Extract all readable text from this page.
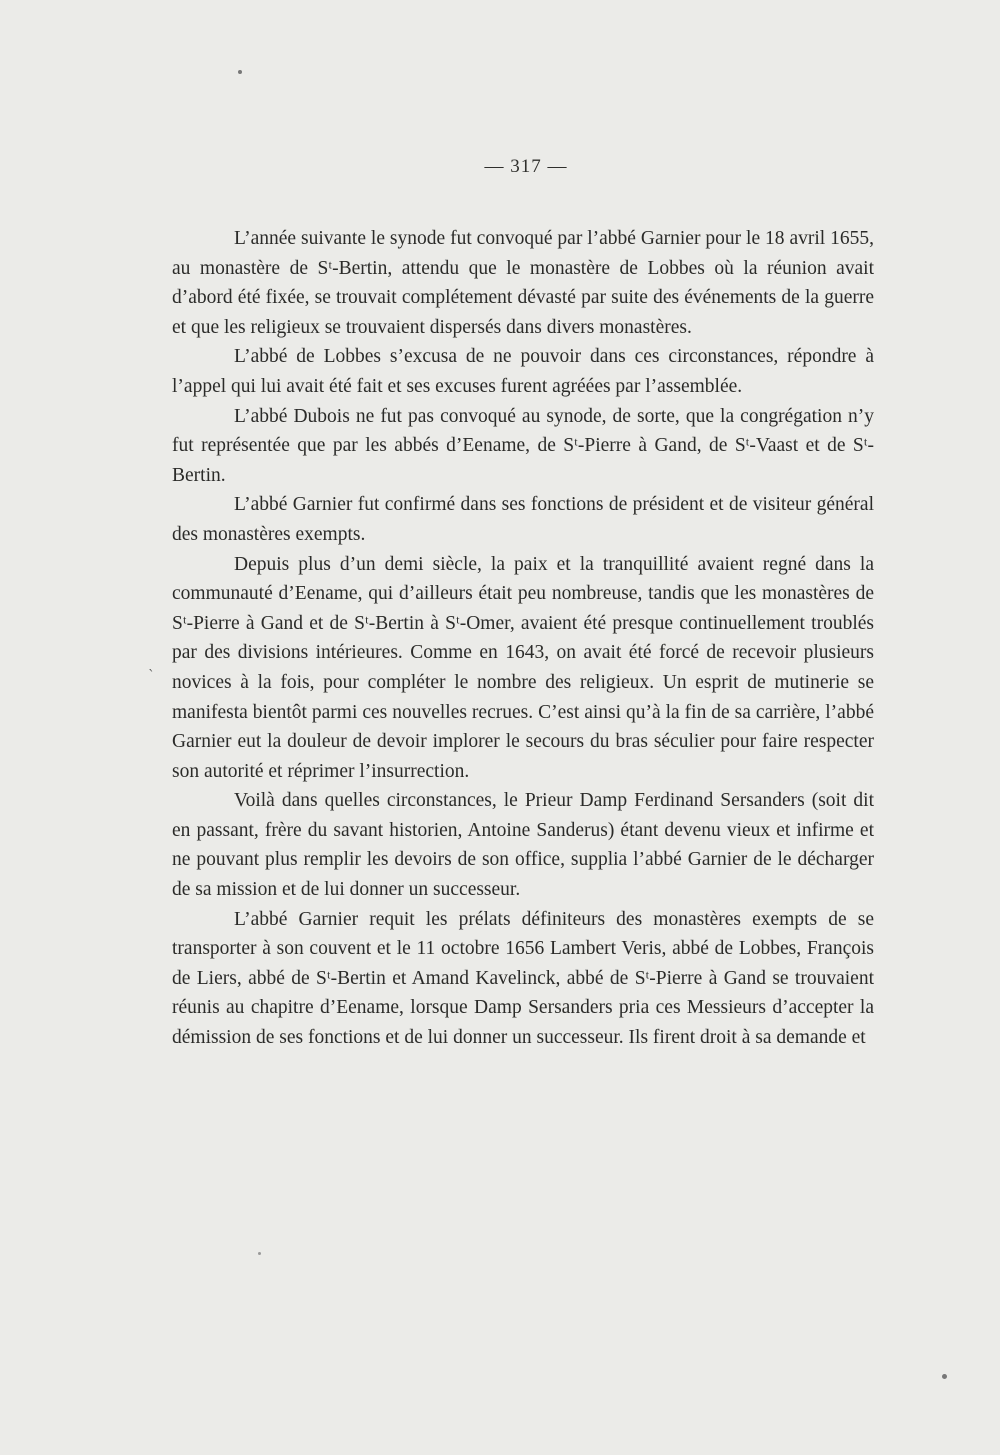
— 317 —
`

L’année suivante le synode fut convoqué par l’abbé Garnier pour le 18 avril 1655, au monastère de Sᵗ-Bertin, attendu que le monastère de Lobbes où la réunion avait d’abord été fixée, se trouvait complétement dévasté par suite des événements de la guerre et que les religieux se trouvaient dispersés dans divers monastères.

L’abbé de Lobbes s’excusa de ne pouvoir dans ces circonstances, répondre à l’appel qui lui avait été fait et ses excuses furent agréées par l’assemblée.

L’abbé Dubois ne fut pas convoqué au synode, de sorte, que la congrégation n’y fut représentée que par les abbés d’Eename, de Sᵗ-Pierre à Gand, de Sᵗ-Vaast et de Sᵗ-Bertin.

L’abbé Garnier fut confirmé dans ses fonctions de président et de visiteur général des monastères exempts.

Depuis plus d’un demi siècle, la paix et la tranquillité avaient regné dans la communauté d’Eename, qui d’ailleurs était peu nombreuse, tandis que les monastères de Sᵗ-Pierre à Gand et de Sᵗ-Bertin à Sᵗ-Omer, avaient été presque continuellement troublés par des divisions intérieures. Comme en 1643, on avait été forcé de recevoir plusieurs novices à la fois, pour compléter le nombre des religieux. Un esprit de mutinerie se manifesta bientôt parmi ces nouvelles recrues. C’est ainsi qu’à la fin de sa carrière, l’abbé Garnier eut la douleur de devoir implorer le secours du bras séculier pour faire respecter son autorité et réprimer l’insurrection.

Voilà dans quelles circonstances, le Prieur Damp Ferdinand Sersanders (soit dit en passant, frère du savant historien, Antoine Sanderus) étant devenu vieux et infirme et ne pouvant plus remplir les devoirs de son office, supplia l’abbé Garnier de le décharger de sa mission et de lui donner un successeur.

L’abbé Garnier requit les prélats définiteurs des monastères exempts de se transporter à son couvent et le 11 octobre 1656 Lambert Veris, abbé de Lobbes, François de Liers, abbé de Sᵗ-Bertin et Amand Kavelinck, abbé de Sᵗ-Pierre à Gand se trouvaient réunis au chapitre d’Eename, lorsque Damp Sersanders pria ces Messieurs d’accepter la démission de ses fonctions et de lui donner un successeur. Ils firent droit à sa demande et
